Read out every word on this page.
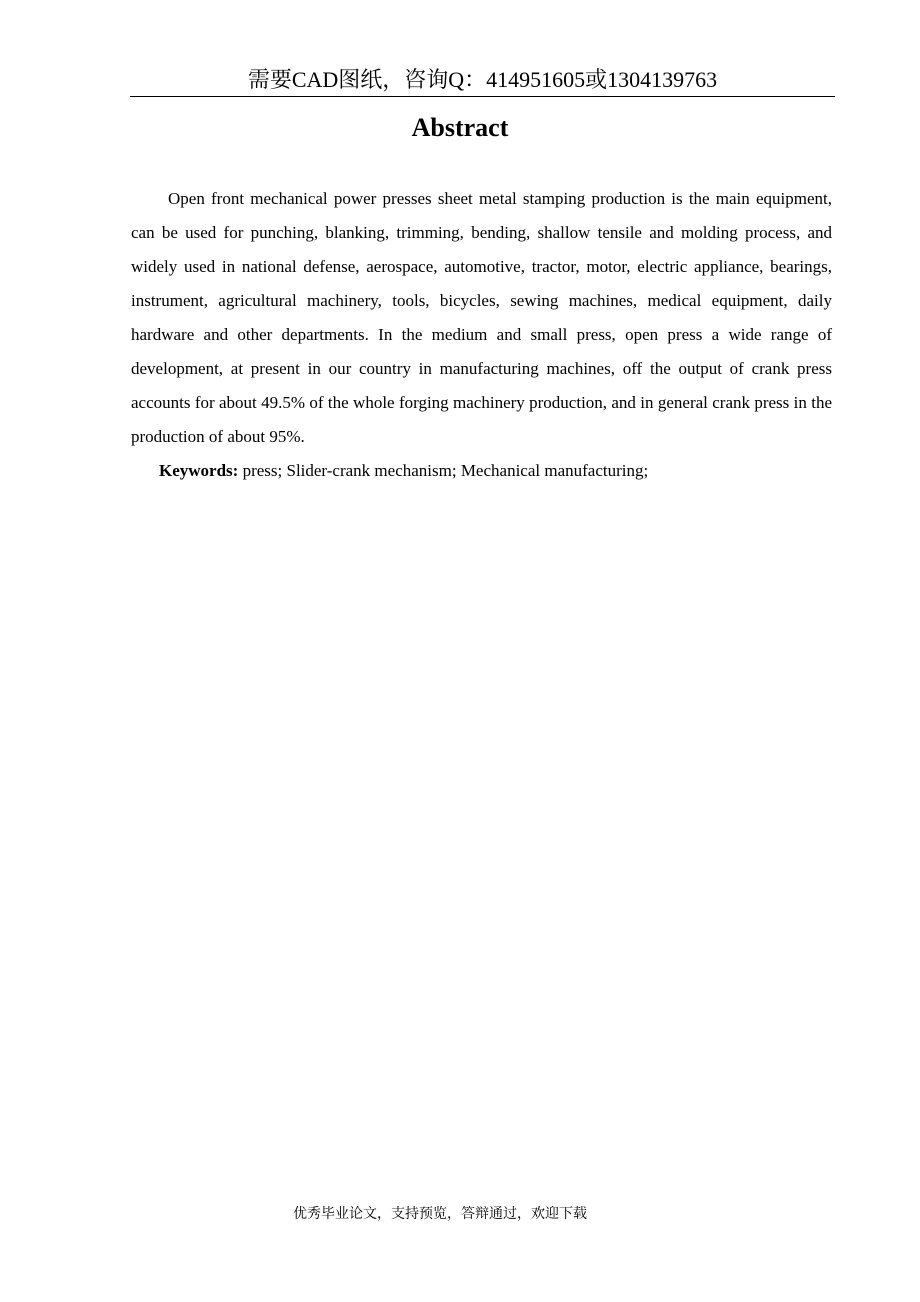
需要CAD图纸，咨询Q：414951605或1304139763
Abstract

Open front mechanical power presses sheet metal stamping production is the main equipment, can be used for punching, blanking, trimming, bending, shallow tensile and molding process, and widely used in national defense, aerospace, automotive, tractor, motor, electric appliance, bearings, instrument, agricultural machinery, tools, bicycles, sewing machines, medical equipment, daily hardware and other departments. In the medium and small press, open press a wide range of development, at present in our country in manufacturing machines, off the output of crank press accounts for about 49.5% of the whole forging machinery production, and in general crank press in the production of about 95%.

Keywords: press; Slider-crank mechanism; Mechanical manufacturing;

优秀毕业论文，支持预览，答辩通过，欢迎下载
